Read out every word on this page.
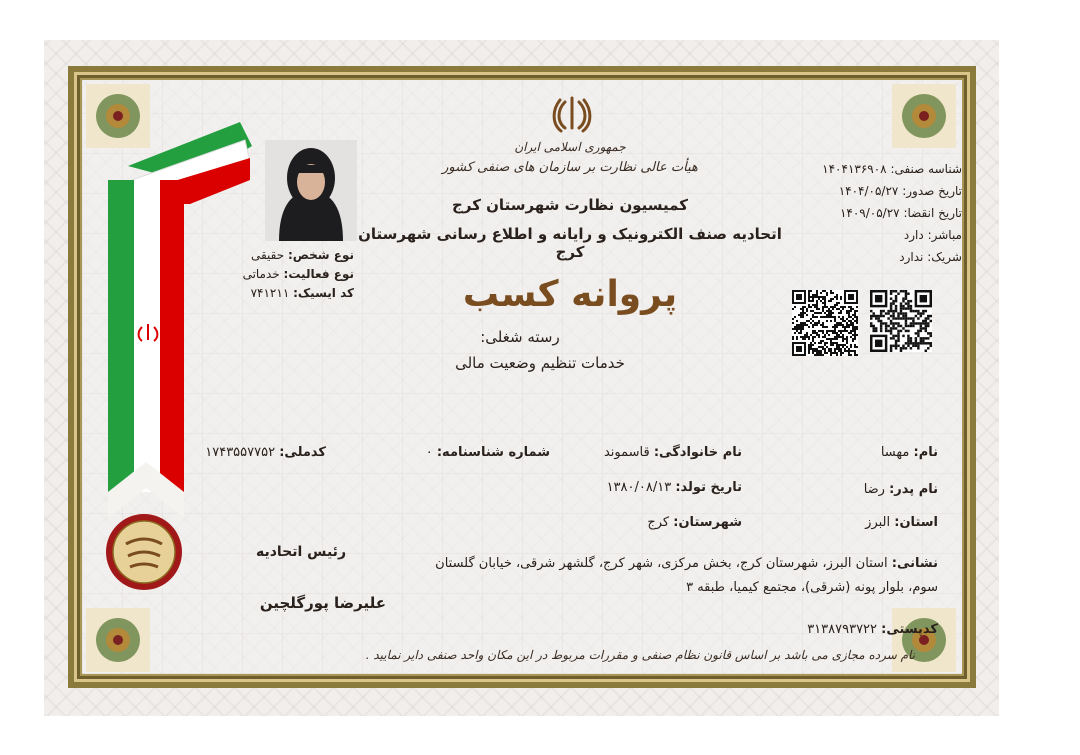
جمهوری اسلامی ایران
هیأت عالی نظارت بر سازمان های صنفی کشور
کمیسیون نظارت شهرستان کرج
اتحادیه صنف الکترونیک و رایانه و اطلاع رسانی شهرستان کرج
پروانه کسب
رسته شغلی:
خدمات تنظیم وضعیت مالی
شناسه صنفی: ۱۴۰۴۱۳۶۹۰۸
تاریخ صدور: ۱۴۰۴/۰۵/۲۷
تاریخ انقضا: ۱۴۰۹/۰۵/۲۷
مباشر: دارد
شریک: ندارد
نوع شخص: حقیقی
نوع فعالیت: خدماتی
کد ایسیک: ۷۴۱۲۱۱
نام: مهسا
نام خانوادگی: قاسموند
شماره شناسنامه: ۰
کدملی: ۱۷۴۳۵۵۷۷۵۲
نام پدر: رضا
تاریخ تولد: ۱۳۸۰/۰۸/۱۳
استان: البرز
شهرستان: کرج
نشانی: استان البرز، شهرستان کرج، بخش مرکزی، شهر کرج، گلشهر شرقی، خیابان گلستان
سوم، بلوار پونه (شرقی)، مجتمع کیمیا، طبقه ۳
کدپستی: ۳۱۳۸۷۹۳۷۲۲
نام سرده مجازی می باشد بر اساس قانون نظام صنفی و مقررات مربوط در این مکان واحد صنفی دایر نمایید .
رئیس اتحادیه
علیرضا پورگلچین
